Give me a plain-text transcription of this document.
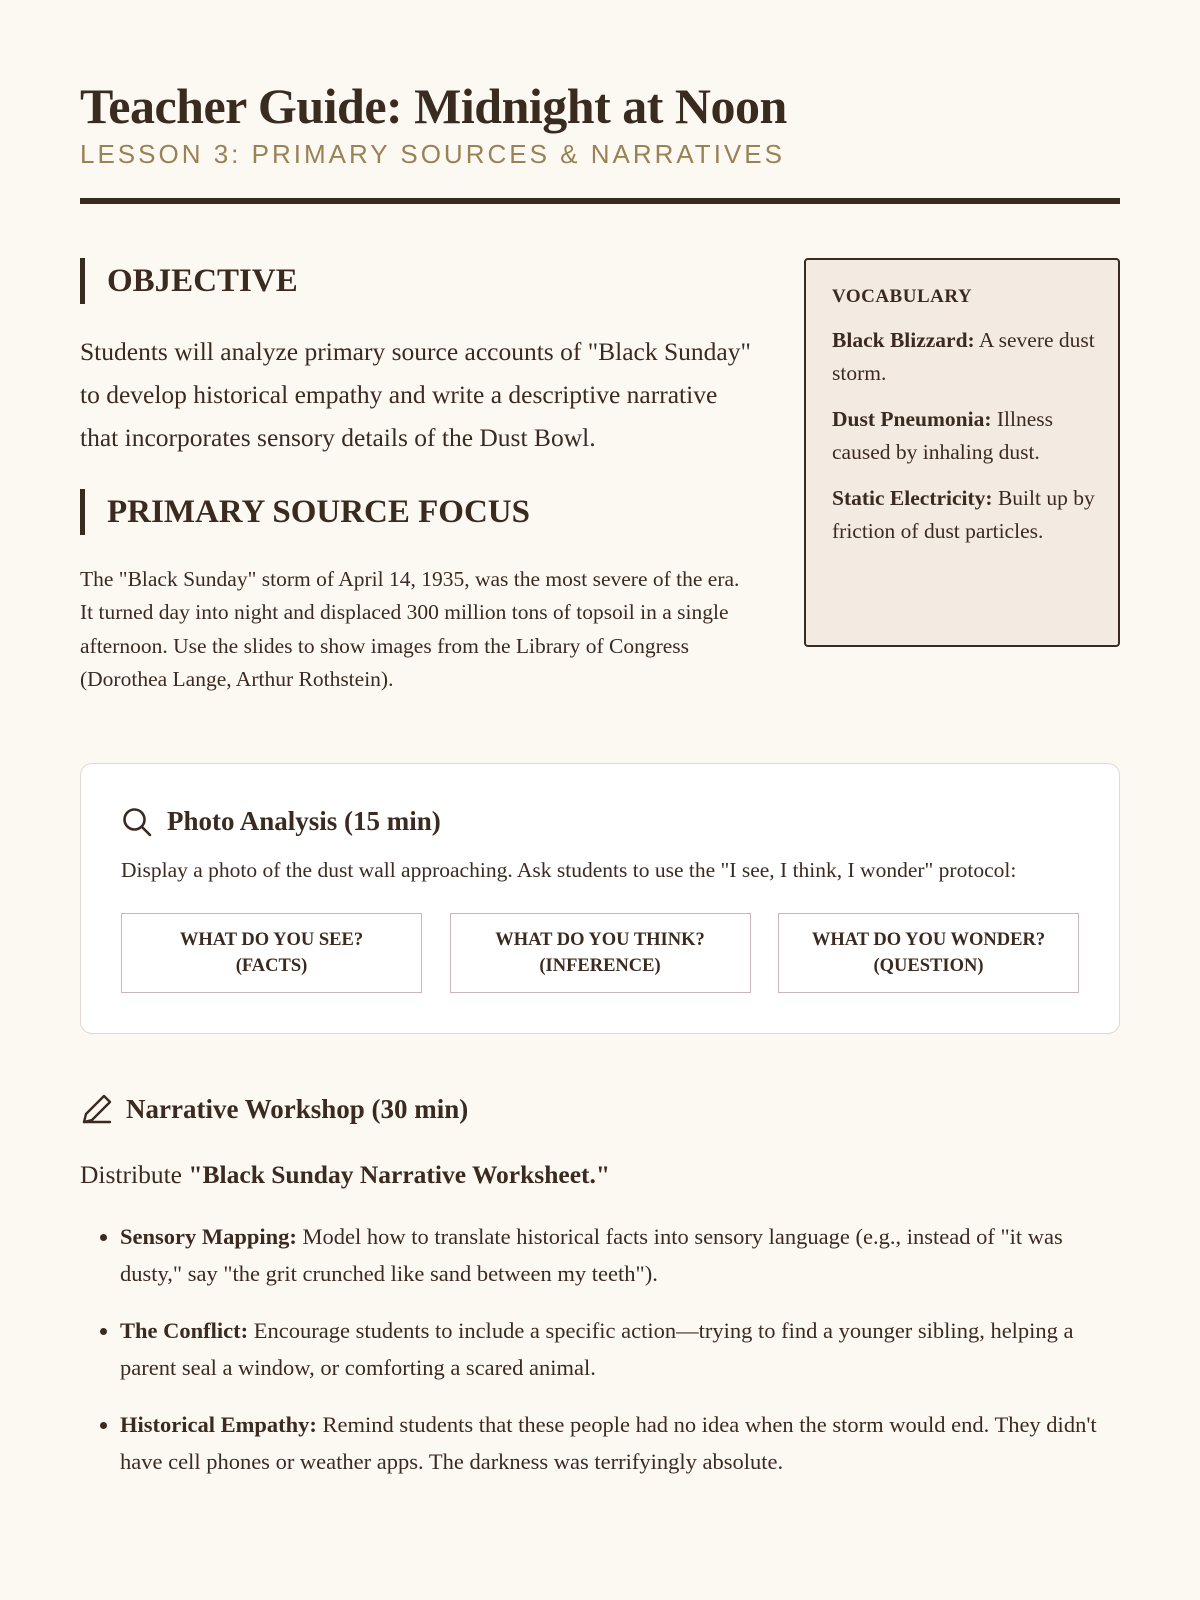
Teacher Guide: Midnight at Noon
LESSON 3: PRIMARY SOURCES & NARRATIVES
OBJECTIVE

Students will analyze primary source accounts of "Black Sunday" to develop historical empathy and write a descriptive narrative that incorporates sensory details of the Dust Bowl.

PRIMARY SOURCE FOCUS

The "Black Sunday" storm of April 14, 1935, was the most severe of the era. It turned day into night and displaced 300 million tons of topsoil in a single afternoon. Use the slides to show images from the Library of Congress (Dorothea Lange, Arthur Rothstein).

VOCABULARY
Black Blizzard: A severe dust storm.
Dust Pneumonia: Illness caused by inhaling dust.
Static Electricity: Built up by friction of dust particles.
Photo Analysis (15 min)

Display a photo of the dust wall approaching. Ask students to use the "I see, I think, I wonder" protocol:

WHAT DO YOU SEE?
(FACTS)
WHAT DO YOU THINK?
(INFERENCE)
WHAT DO YOU WONDER?
(QUESTION)
Narrative Workshop (30 min)

Distribute "Black Sunday Narrative Worksheet."

• Sensory Mapping: Model how to translate historical facts into sensory language (e.g., instead of "it was dusty," say "the grit crunched like sand between my teeth").
• The Conflict: Encourage students to include a specific action—trying to find a younger sibling, helping a parent seal a window, or comforting a scared animal.
• Historical Empathy: Remind students that these people had no idea when the storm would end. They didn't have cell phones or weather apps. The darkness was terrifyingly absolute.
